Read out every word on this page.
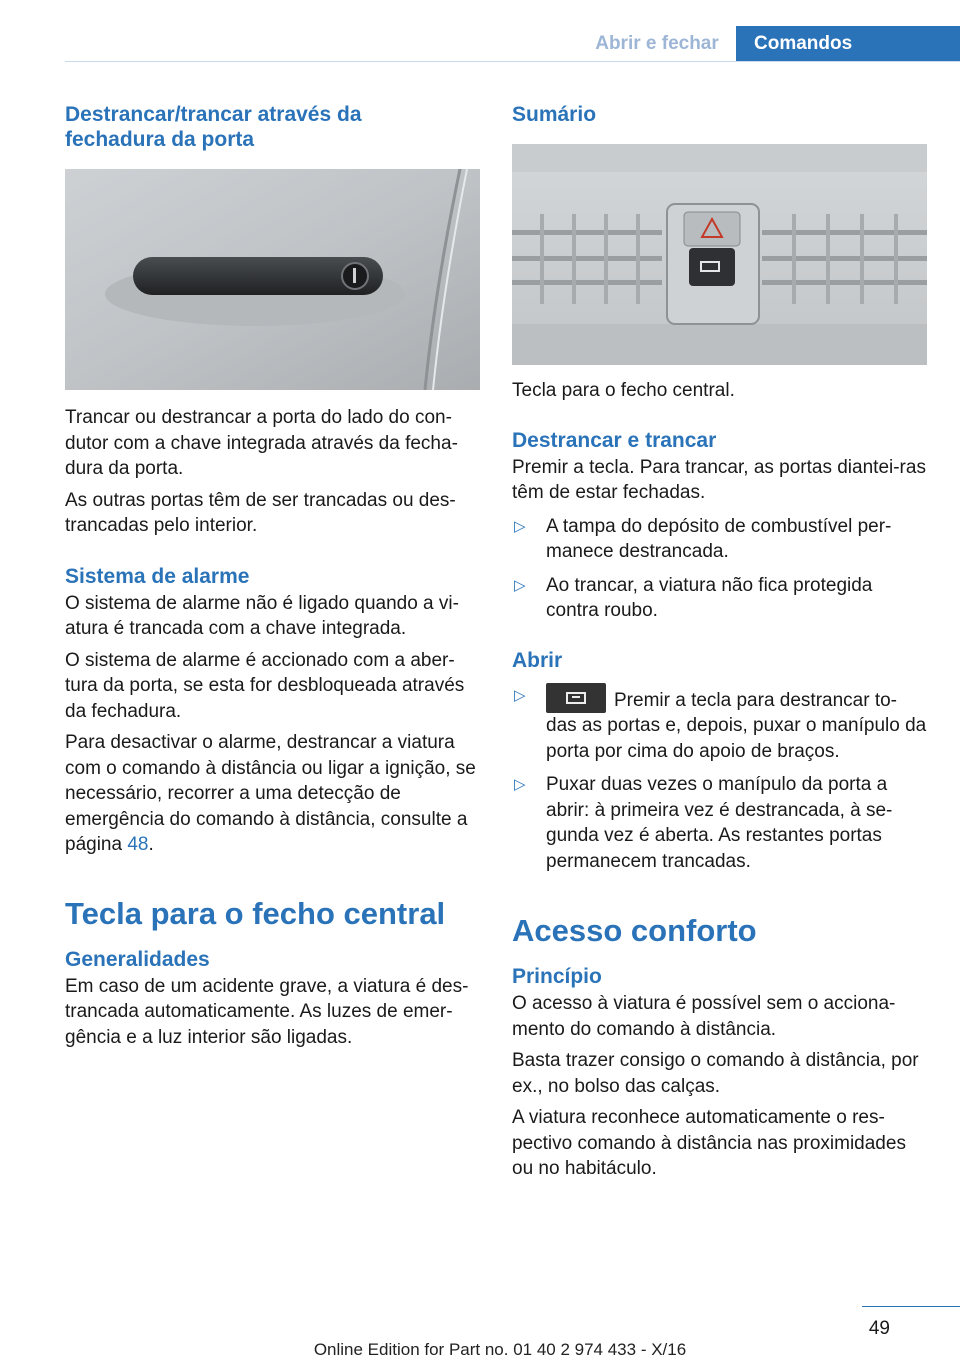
Abrir e fechar	Comandos
Destrancar/trancar através da fechadura da porta

Trancar ou destrancar a porta do lado do con-dutor com a chave integrada através da fecha-dura da porta.

As outras portas têm de ser trancadas ou des-trancadas pelo interior.

Sistema de alarme

O sistema de alarme não é ligado quando a vi-atura é trancada com a chave integrada.

O sistema de alarme é accionado com a aber-tura da porta, se esta for desbloqueada através da fechadura.

Para desactivar o alarme, destrancar a viatura com o comando à distância ou ligar a ignição, se necessário, recorrer a uma detecção de emergência do comando à distância, consulte a página 48.

Tecla para o fecho central
Generalidades

Em caso de um acidente grave, a viatura é des-trancada automaticamente. As luzes de emer-gência e a luz interior são ligadas.

Sumário

Tecla para o fecho central.

Destrancar e trancar

Premir a tecla. Para trancar, as portas diantei-ras têm de estar fechadas.

▷ A tampa do depósito de combustível per-manece destrancada.
▷ Ao trancar, a viatura não fica protegida contra roubo.
Abrir
▷	Premir a tecla para destrancar to-das as portas e, depois, puxar o manípulo da porta por cima do apoio de braços.
▷ Puxar duas vezes o manípulo da porta a abrir: à primeira vez é destrancada, à se-gunda vez é aberta. As restantes portas permanecem trancadas.
Acesso conforto
Princípio

O acesso à viatura é possível sem o acciona-mento do comando à distância.

Basta trazer consigo o comando à distância, por ex., no bolso das calças.

A viatura reconhece automaticamente o res-pectivo comando à distância nas proximidades ou no habitáculo.

49
Online Edition for Part no. 01 40 2 974 433 - X/16
